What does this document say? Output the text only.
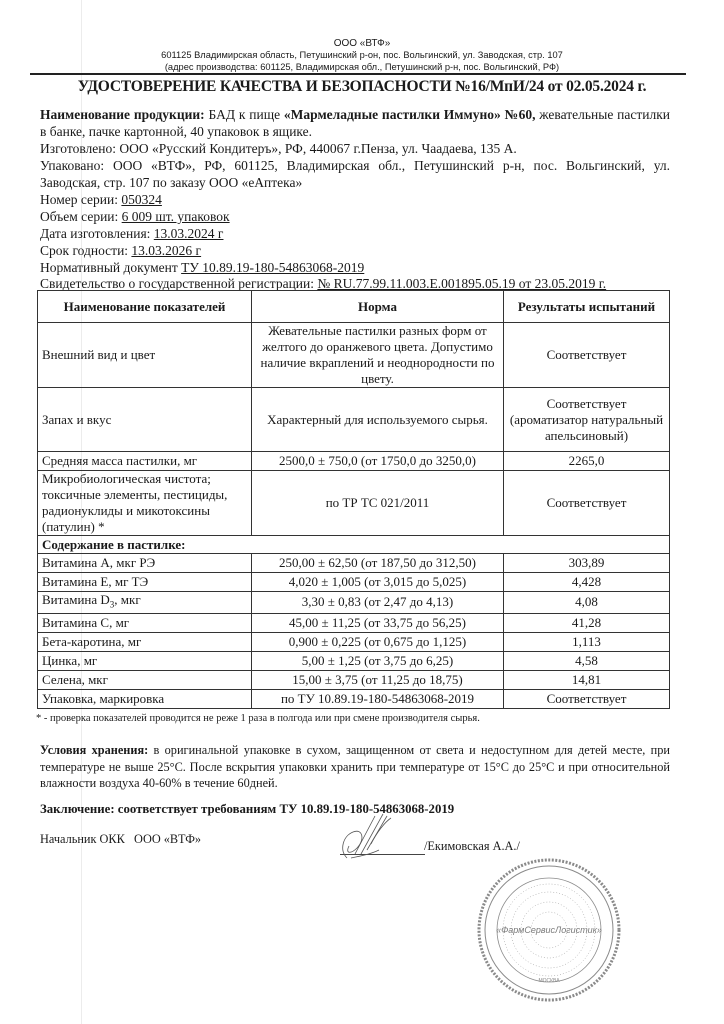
ООО «ВТФ»
601125 Владимирская область, Петушинский р-он, пос. Вольгинский, ул. Заводская, стр. 107
(адрес производства: 601125, Владимирская обл., Петушинский р-н, пос. Вольгинский, РФ)
УДОСТОВЕРЕНИЕ КАЧЕСТВА И БЕЗОПАСНОСТИ №16/МпИ/24 от 02.05.2024 г.
Наименование продукции: БАД к пище «Мармеладные пастилки Иммуно» №60, жевательные пастилки в банке, пачке картонной, 40 упаковок в ящике.
Изготовлено: ООО «Русский Кондитеръ», РФ, 440067 г.Пенза, ул. Чаадаева, 135 А.
Упаковано: ООО «ВТФ», РФ, 601125, Владимирская обл., Петушинский р-н, пос. Вольгинский, ул. Заводская, стр. 107 по заказу ООО «еАптека»
Номер серии: 050324
Объем серии: 6 009 шт. упаковок
Дата изготовления: 13.03.2024 г
Срок годности: 13.03.2026 г
Нормативный документ ТУ 10.89.19-180-54863068-2019
Свидетельство о государственной регистрации: № RU.77.99.11.003.Е.001895.05.19 от 23.05.2019 г.
Наименование показателей	Норма	Результаты испытаний
Внешний вид и цвет	Жевательные пастилки разных форм от желтого до оранжевого цвета. Допустимо наличие вкраплений и неоднородности по цвету.	Соответствует
Запах и вкус	Характерный для используемого сырья.	Соответствует (ароматизатор натуральный апельсиновый)
Средняя масса пастилки, мг	2500,0 ± 750,0 (от 1750,0 до 3250,0)	2265,0
Микробиологическая чистота; токсичные элементы, пестициды, радионуклиды и микотоксины (патулин) *	по ТР ТС 021/2011	Соответствует
Содержание в пастилке:		
Витамина А, мкг РЭ	250,00 ± 62,50 (от 187,50 до 312,50)	303,89
Витамина Е, мг ТЭ	4,020 ± 1,005 (от 3,015 до 5,025)	4,428
Витамина $D_3$, мкг	3,30 ± 0,83 (от 2,47 до 4,13)	4,08
Витамина С, мг	45,00 ± 11,25 (от 33,75 до 56,25)	41,28
Бета-каротина, мг	0,900 ± 0,225 (от 0,675 до 1,125)	1,113
Цинка, мг	5,00 ± 1,25 (от 3,75 до 6,25)	4,58
Селена, мкг	15,00 ± 3,75 (от 11,25 до 18,75)	14,81
Упаковка, маркировка	по ТУ 10.89.19-180-54863068-2019	Соответствует
* - проверка показателей проводится не реже 1 раза в полгода или при смене производителя сырья.
Условия хранения: в оригинальной упаковке в сухом, защищенном от света и недоступном для детей месте, при температуре не выше 25°C. После вскрытия упаковки хранить при температуре от 15°C до 25°C и при относительной влажности воздуха 40-60% в течение 60дней.
Заключение: соответствует требованиям ТУ 10.89.19-180-54863068-2019
Начальник ОКК   ООО «ВТФ»	/Екимовская А.А./
«ФармСервисЛогистик»
МОСКВА
